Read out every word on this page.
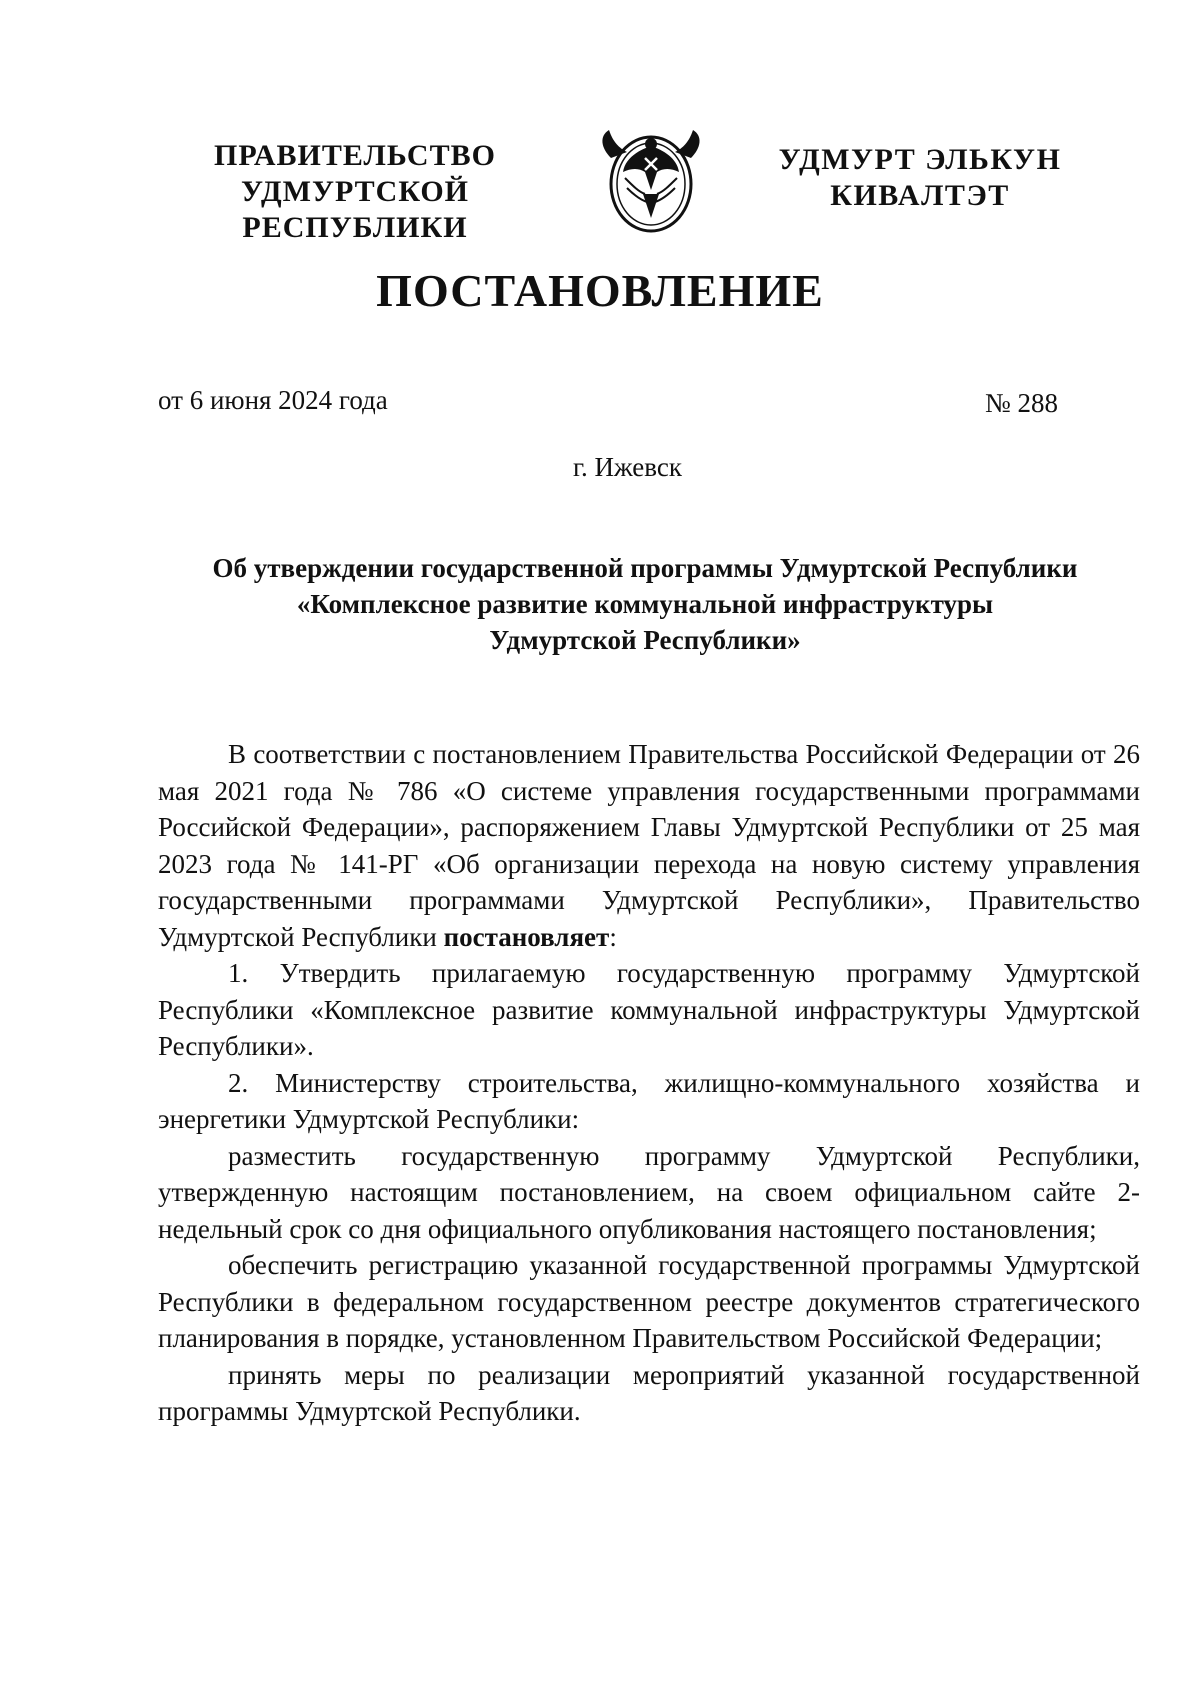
ПРАВИТЕЛЬСТВО
УДМУРТСКОЙ РЕСПУБЛИКИ
УДМУРТ ЭЛЬКУН
КИВАЛТЭТ
ПОСТАНОВЛЕНИЕ
от 6 июня 2024 года	№ 288
г. Ижевск
Об утверждении государственной программы Удмуртской Республики
«Комплексное развитие коммунальной инфраструктуры
Удмуртской Республики»

В соответствии с постановлением Правительства Российской Федерации от 26 мая 2021 года № 786 «О системе управления государственными программами Российской Федерации», распоряжением Главы Удмуртской Республики от 25 мая 2023 года № 141-РГ «Об организации перехода на новую систему управления государственными программами Удмуртской Республики», Правительство Удмуртской Республики постановляет:

1. Утвердить прилагаемую государственную программу Удмуртской Республики «Комплексное развитие коммунальной инфраструктуры Удмуртской Республики».

2. Министерству строительства, жилищно-коммунального хозяйства и энергетики Удмуртской Республики:

разместить государственную программу Удмуртской Республики, утвержденную настоящим постановлением, на своем официальном сайте 2-недельный срок со дня официального опубликования настоящего постановления;

обеспечить регистрацию указанной государственной программы Удмуртской Республики в федеральном государственном реестре документов стратегического планирования в порядке, установленном Правительством Российской Федерации;

принять меры по реализации мероприятий указанной государственной программы Удмуртской Республики.
